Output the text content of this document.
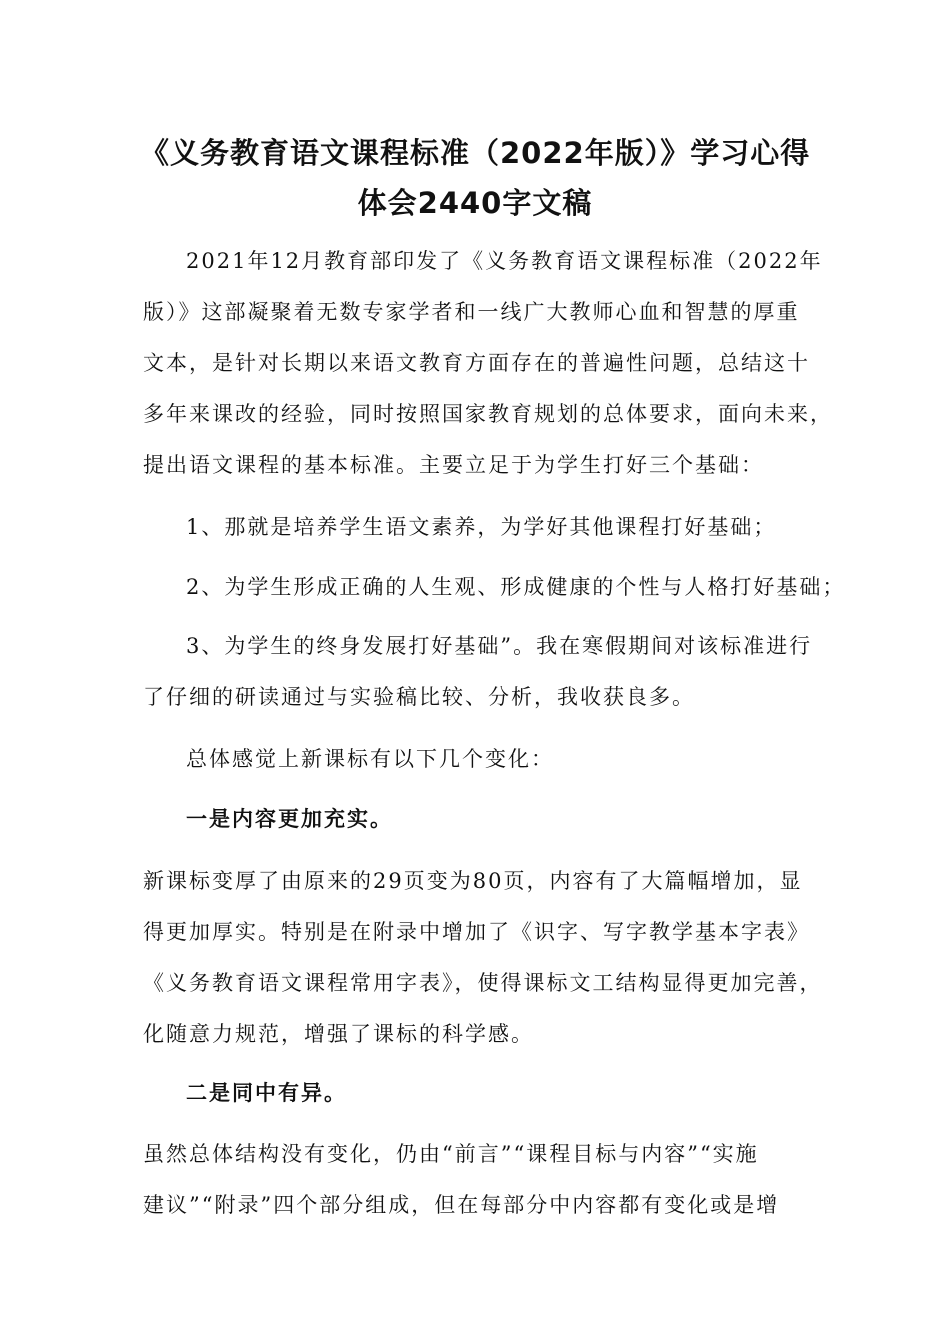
《义务教育语文课程标准（2022年版）》学习心得
体会2440字文稿
2021年12月教育部印发了《义务教育语文课程标准（2022年
版）》这部凝聚着无数专家学者和一线广大教师心血和智慧的厚重
文本，是针对长期以来语文教育方面存在的普遍性问题，总结这十
多年来课改的经验，同时按照国家教育规划的总体要求，面向未来，
提出语文课程的基本标准。主要立足于为学生打好三个基础：
1、那就是培养学生语文素养，为学好其他课程打好基础；
2、为学生形成正确的人生观、形成健康的个性与人格打好基础；
3、为学生的终身发展打好基础”。我在寒假期间对该标准进行
了仔细的研读通过与实验稿比较、分析，我收获良多。
总体感觉上新课标有以下几个变化：
一是内容更加充实。
新课标变厚了由原来的29页变为80页，内容有了大篇幅增加，显
得更加厚实。特别是在附录中增加了《识字、写字教学基本字表》
《义务教育语文课程常用字表》，使得课标文工结构显得更加完善，
化随意力规范，增强了课标的科学感。
二是同中有异。
虽然总体结构没有变化，仍由“前言”“课程目标与内容”“实施
建议”“附录”四个部分组成，但在每部分中内容都有变化或是增
